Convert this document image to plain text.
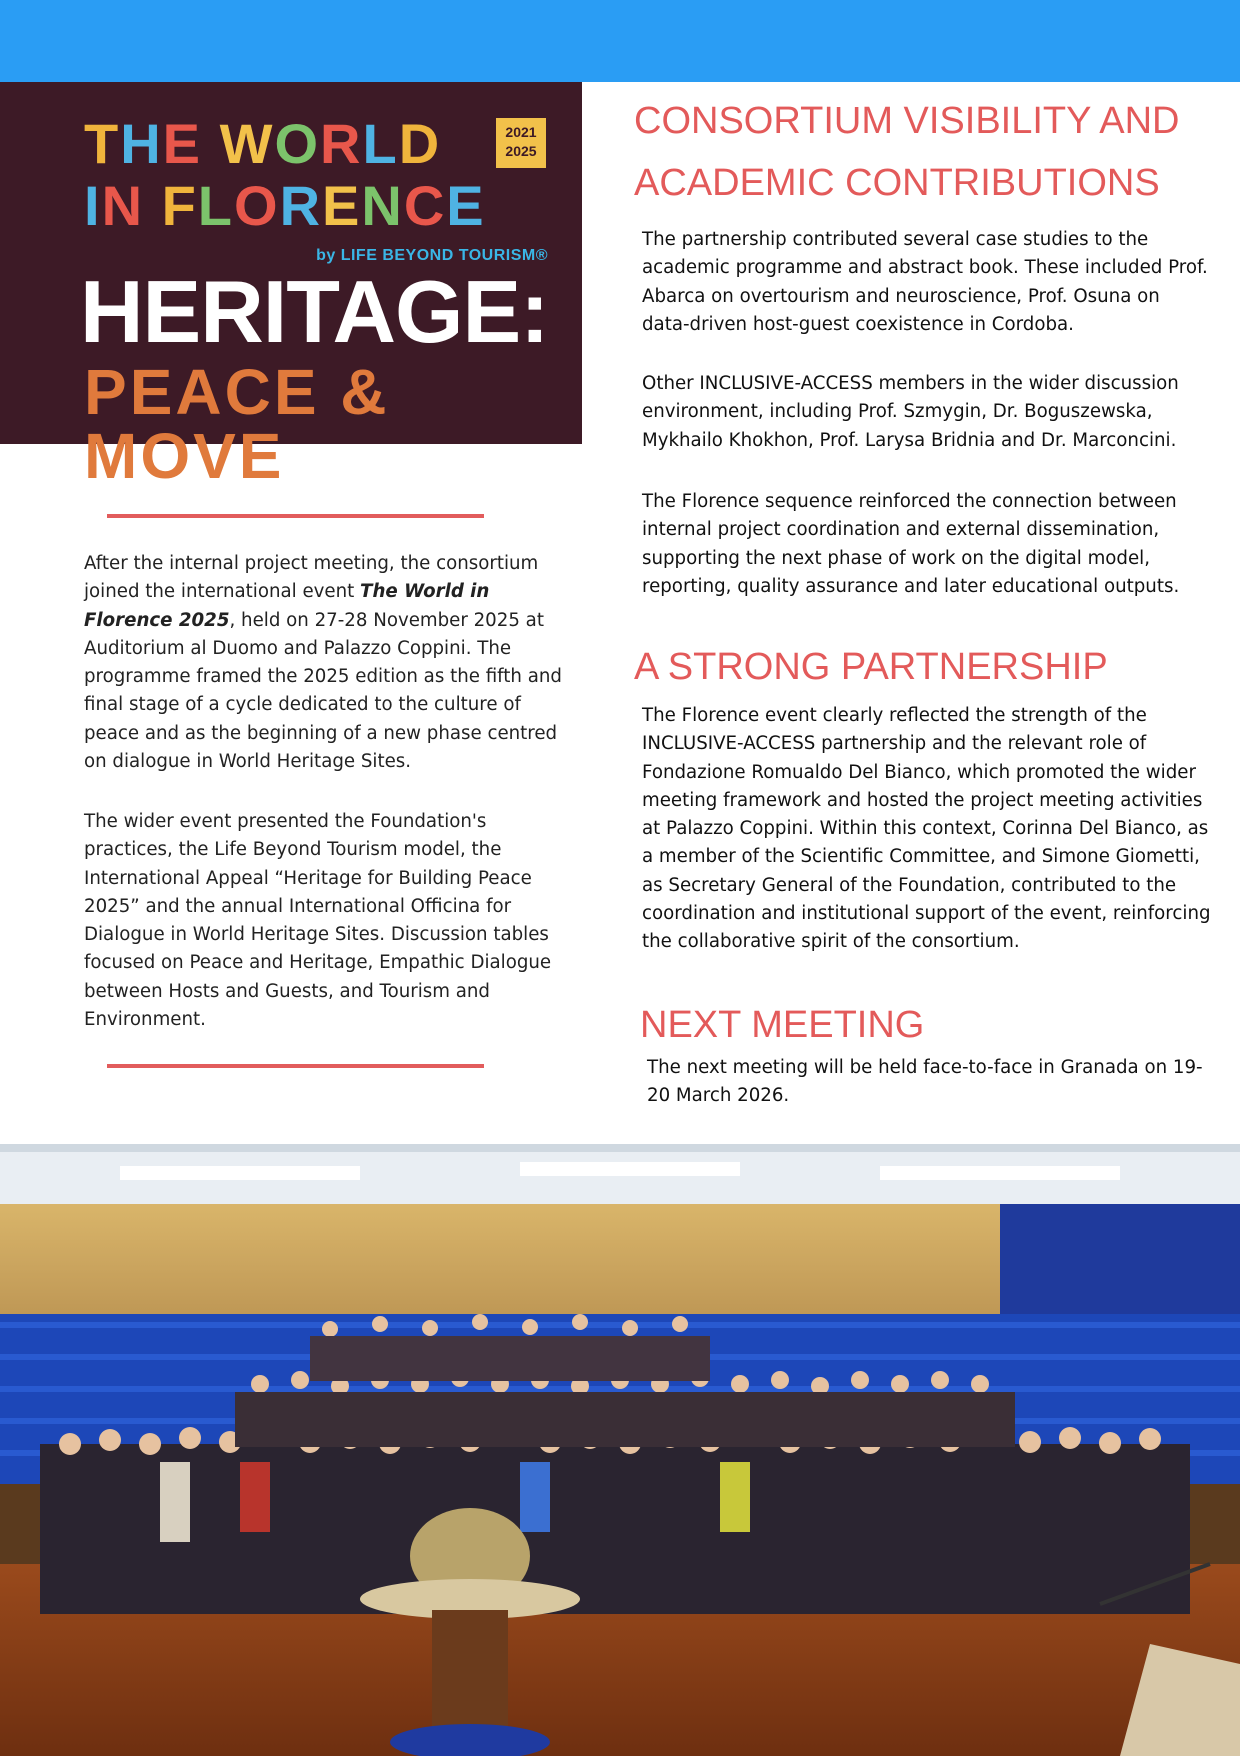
THE WORLD	2021
2025
IN FLORENCE
by LIFE BEYOND TOURISM®
HERITAGE:
PEACE & MOVE
After the internal project meeting, the consortium joined the international event The World in Florence 2025, held on 27-28 November 2025 at Auditorium al Duomo and Palazzo Coppini. The programme framed the 2025 edition as the fifth and final stage of a cycle dedicated to the culture of peace and as the beginning of a new phase centred on dialogue in World Heritage Sites.
The wider event presented the Foundation's practices, the Life Beyond Tourism model, the International Appeal “Heritage for Building Peace 2025” and the annual International Officina for Dialogue in World Heritage Sites. Discussion tables focused on Peace and Heritage, Empathic Dialogue between Hosts and Guests, and Tourism and Environment.
CONSORTIUM VISIBILITY AND ACADEMIC CONTRIBUTIONS
The partnership contributed several case studies to the academic programme and abstract book. These included Prof. Abarca on overtourism and neuroscience, Prof. Osuna on data-driven host-guest coexistence in Cordoba.
Other INCLUSIVE-ACCESS members in the wider discussion environment, including Prof. Szmygin, Dr. Boguszewska, Mykhailo Khokhon, Prof. Larysa Bridnia and Dr. Marconcini.
The Florence sequence reinforced the connection between internal project coordination and external dissemination, supporting the next phase of work on the digital model, reporting, quality assurance and later educational outputs.
A STRONG PARTNERSHIP
The Florence event clearly reflected the strength of the INCLUSIVE-ACCESS partnership and the relevant role of Fondazione Romualdo Del Bianco, which promoted the wider meeting framework and hosted the project meeting activities at Palazzo Coppini. Within this context, Corinna Del Bianco, as a member of the Scientific Committee, and Simone Giometti, as Secretary General of the Foundation, contributed to the coordination and institutional support of the event, reinforcing the collaborative spirit of the consortium.
NEXT MEETING
The next meeting will be held face-to-face in Granada on 19-20 March 2026.
